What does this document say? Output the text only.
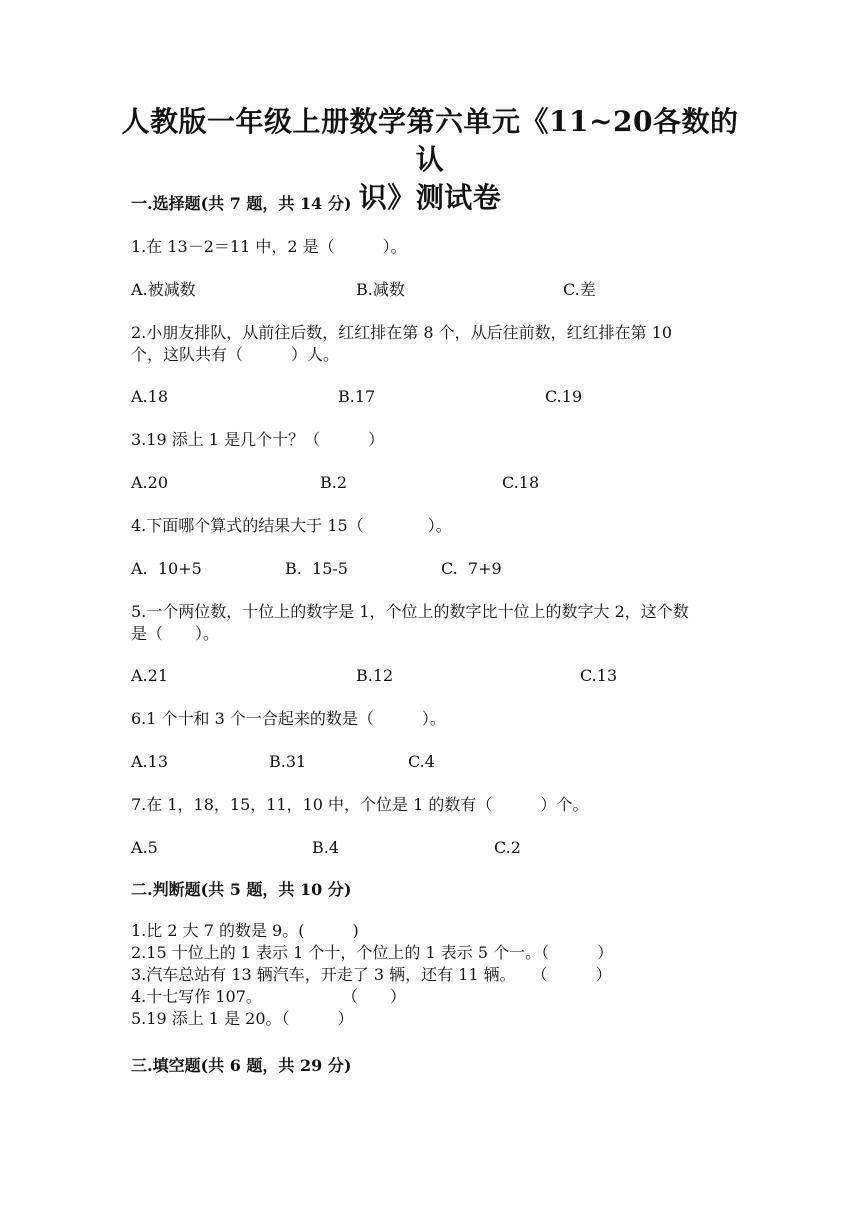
人教版一年级上册数学第六单元《11~20各数的认
识》测试卷
一.选择题(共 7 题，共 14 分)
1.在 13－2＝11 中，2 是（　　　）。
A.被减数	B.减数	C.差
2.小朋友排队，从前往后数，红红排在第 8 个，从后往前数，红红排在第 10
个，这队共有（　　　）人。
A.18	B.17	C.19
3.19 添上 1 是几个十？（　　　）
A.20	B.2	C.18
4.下面哪个算式的结果大于 15（　　　　）。
A.  10+5	B.  15-5	C.  7+9
5.一个两位数，十位上的数字是 1，个位上的数字比十位上的数字大 2，这个数
是（　　）。
A.21	B.12	C.13
6.1 个十和 3 个一合起来的数是（　　　）。
A.13	B.31	C.4
7.在 1，18，15，11，10 中，个位是 1 的数有（　　　）个。
A.5	B.4	C.2
二.判断题(共 5 题，共 10 分)
1.比 2 大 7 的数是 9。(　　　)
2.15 十位上的 1 表示 1 个十，个位上的 1 表示 5 个一。（　　　）
3.汽车总站有 13 辆汽车，开走了 3 辆，还有 11 辆。　　（　　　）
4.十七写作 107。　　　　　　（　　）
5.19 添上 1 是 20。（　　　）
三.填空题(共 6 题，共 29 分)
